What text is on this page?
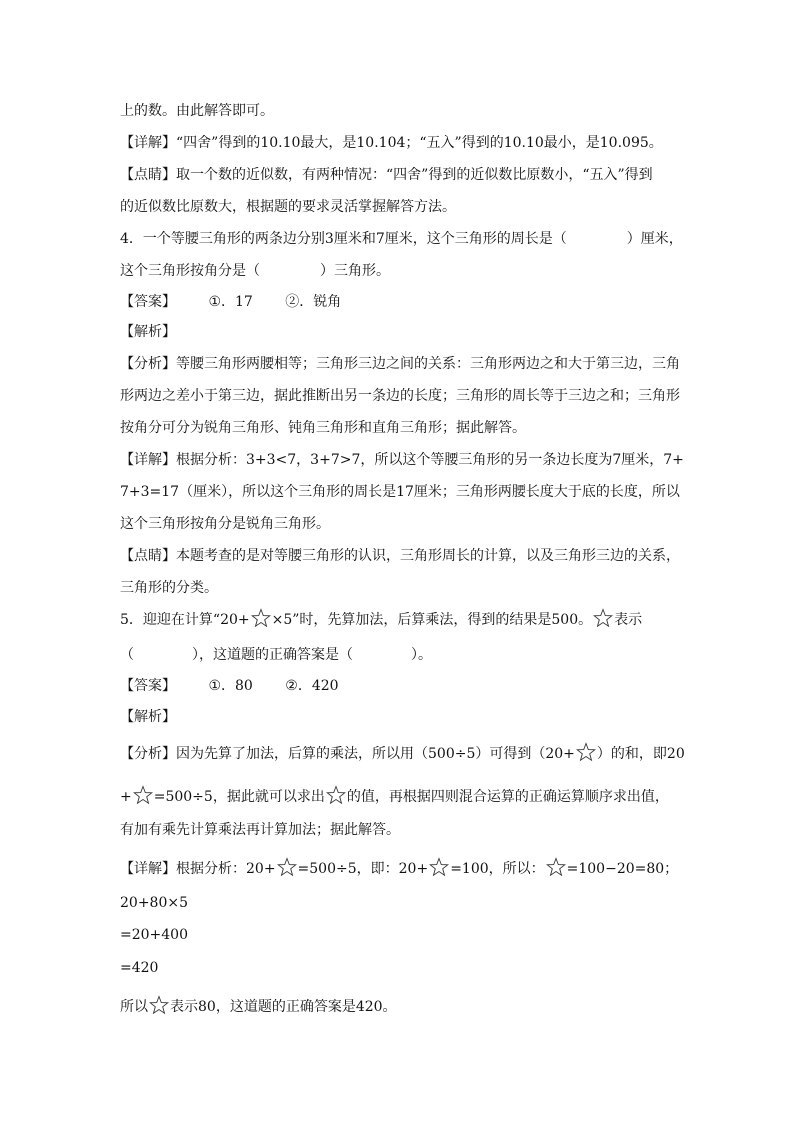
上的数。由此解答即可。
【详解】“四舍”得到的10.10最大，是10.104；“五入”得到的10.10最小，是10.095。
【点睛】取一个数的近似数，有两种情况：“四舍”得到的近似数比原数小，“五入”得到
的近似数比原数大，根据题的要求灵活掌握解答方法。
4．一个等腰三角形的两条边分别3厘米和7厘米，这个三角形的周长是（	）厘米，
这个三角形按角分是（	）三角形。
【答案】 ①．17 ②．锐角
【解析】
【分析】等腰三角形两腰相等；三角形三边之间的关系：三角形两边之和大于第三边，三角
形两边之差小于第三边，据此推断出另一条边的长度；三角形的周长等于三边之和；三角形
按角分可分为锐角三角形、钝角三角形和直角三角形；据此解答。
【详解】根据分析：3+3<7，3+7>7，所以这个等腰三角形的另一条边长度为7厘米，7+
7+3=17（厘米），所以这个三角形的周长是17厘米；三角形两腰长度大于底的长度，所以
这个三角形按角分是锐角三角形。
【点睛】本题考查的是对等腰三角形的认识，三角形周长的计算，以及三角形三边的关系，
三角形的分类。
5．迎迎在计算“20+ ×5”时，先算加法，后算乘法，得到的结果是500。 表示
（	），这道题的正确答案是（	）。
【答案】 ①．80 ②．420
【解析】
【分析】因为先算了加法，后算的乘法，所以用（500÷5）可得到（20+ ）的和，即20
+ =500÷5，据此就可以求出 的值，再根据四则混合运算的正确运算顺序求出值，
有加有乘先计算乘法再计算加法；据此解答。
【详解】根据分析：20+ =500÷5，即：20+ =100，所以： =100−20=80；
20+80×5
=20+400
=420
所以 表示80，这道题的正确答案是420。
